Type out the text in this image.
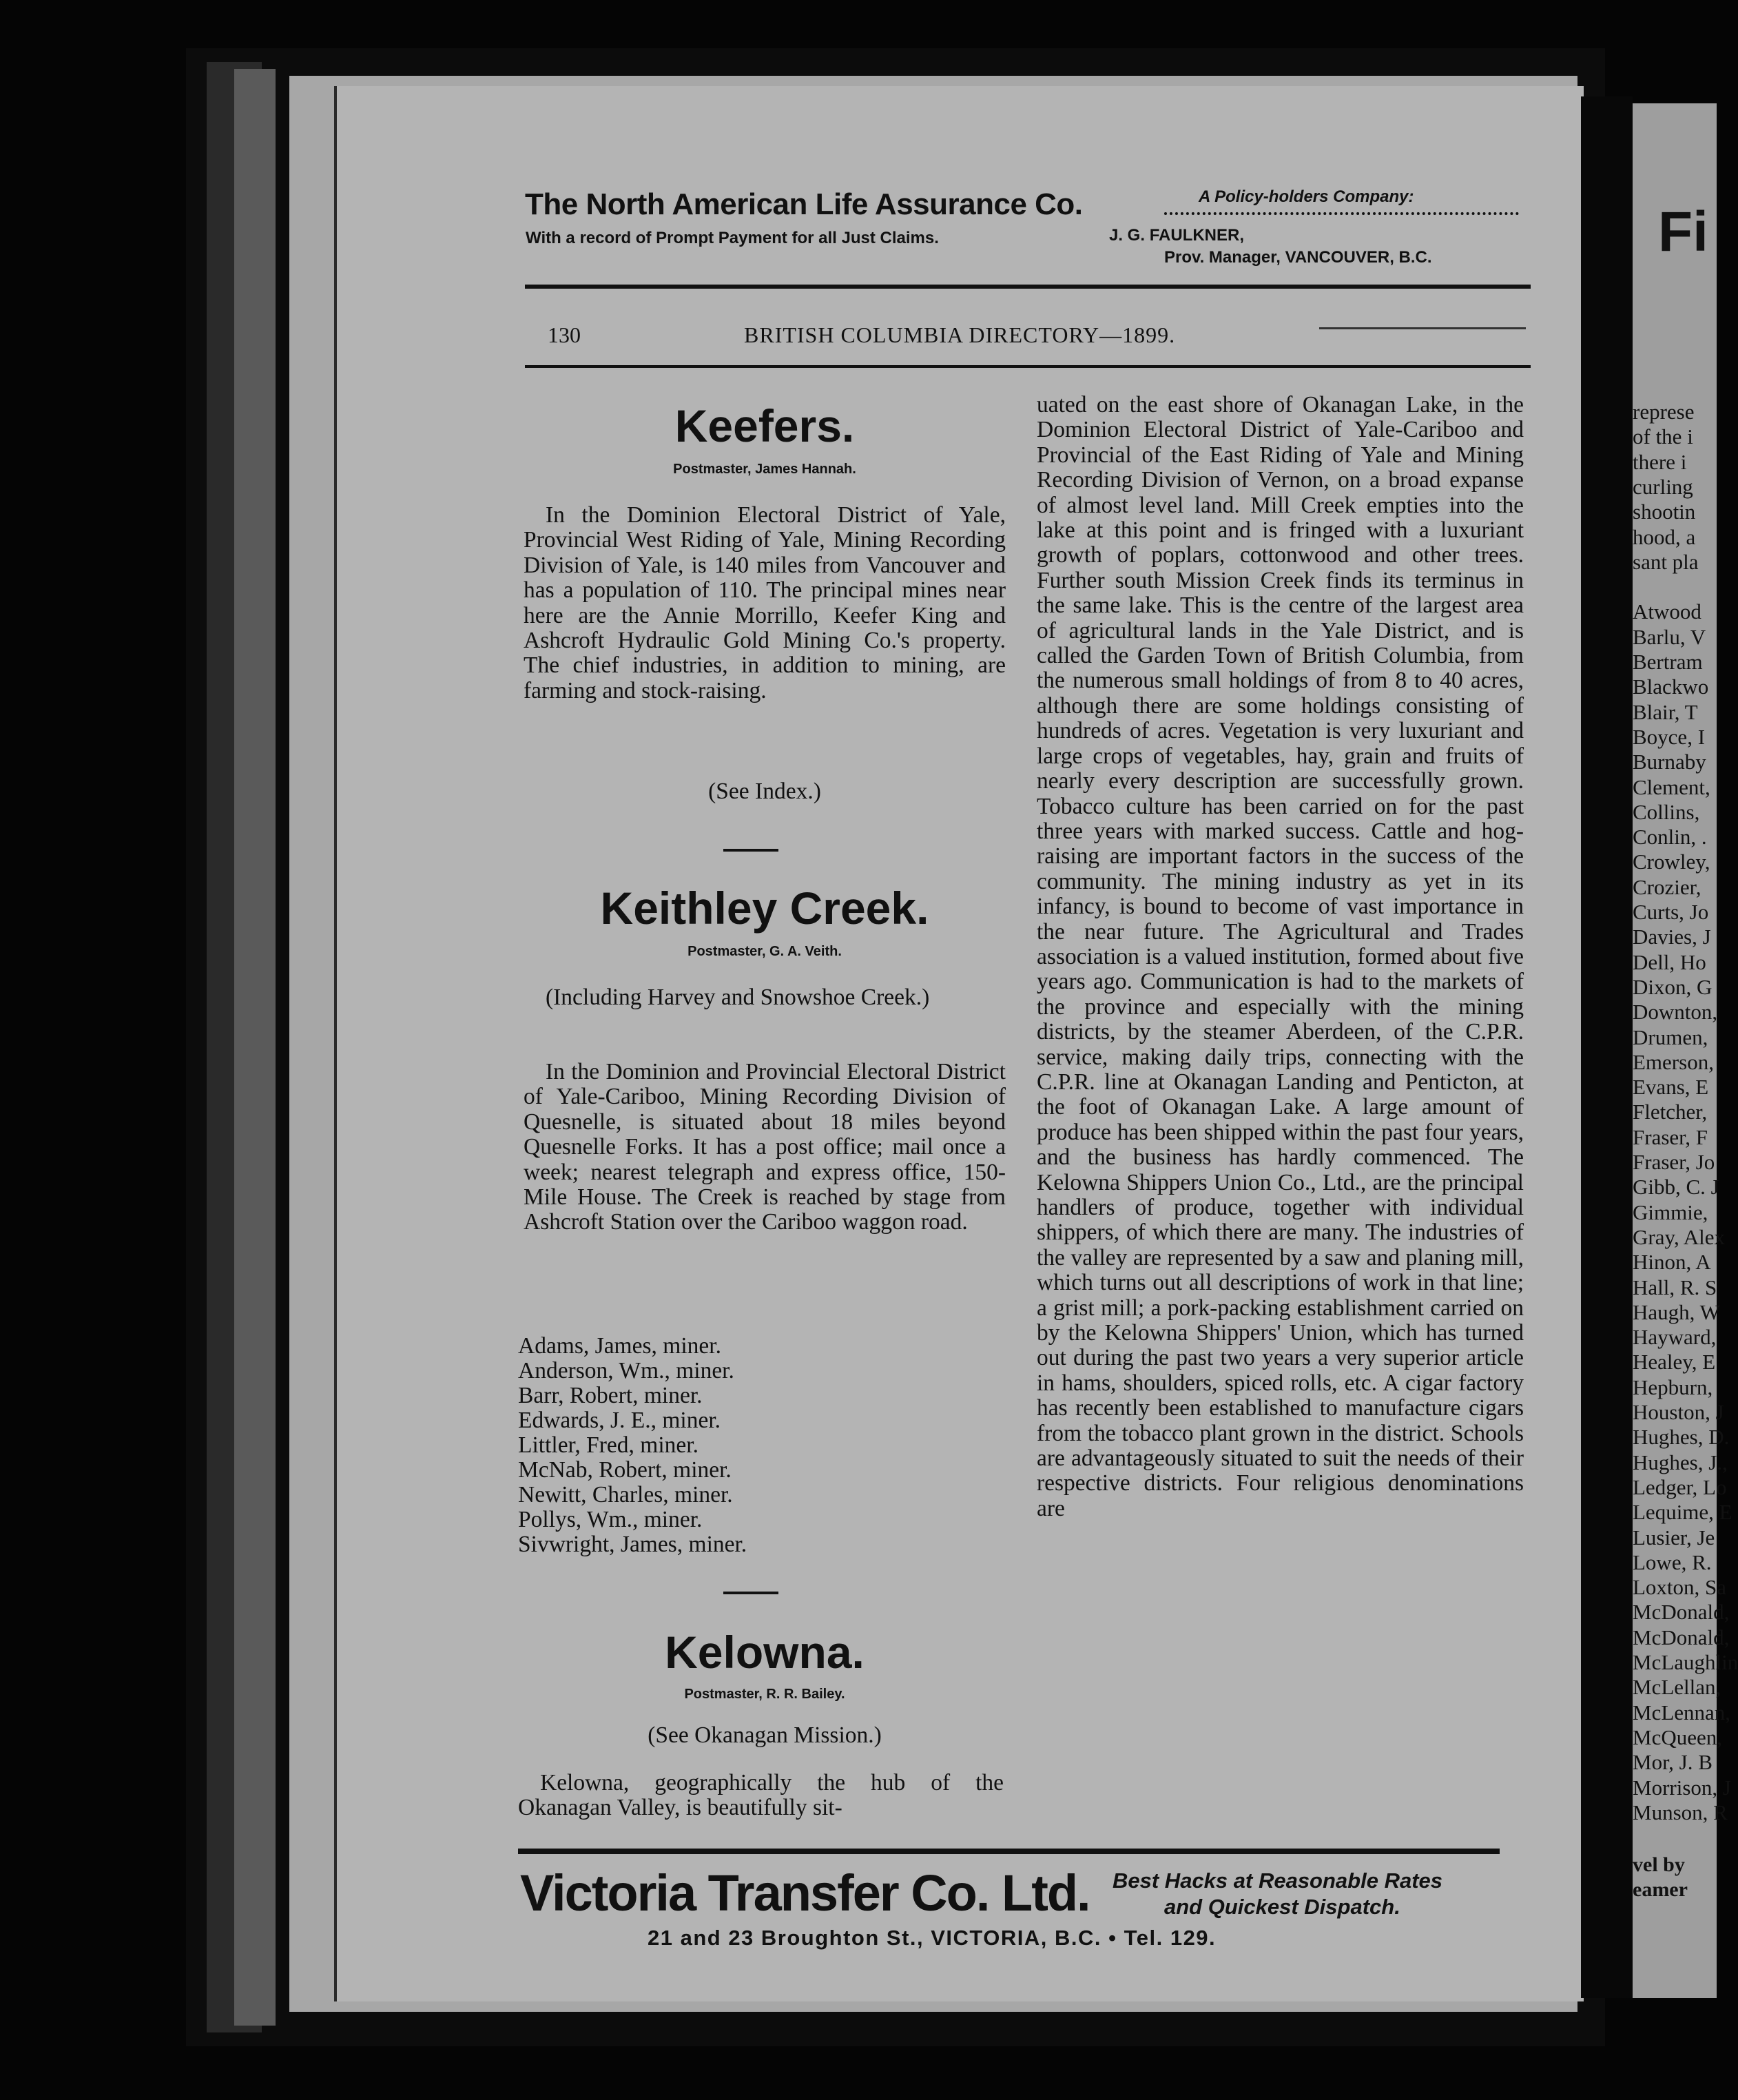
The North American Life Assurance Co.
With a record of Prompt Payment for all Just Claims.
A Policy-holders Company:
J. G. FAULKNER,
Prov. Manager, VANCOUVER, B.C.
130	BRITISH COLUMBIA DIRECTORY—1899.
Keefers.
Postmaster, James Hannah.
In the Dominion Electoral District of Yale, Provincial West Riding of Yale, Mining Recording Division of Yale, is 140 miles from Vancouver and has a population of 110. The principal mines near here are the Annie Morrillo, Keefer King and Ashcroft Hydraulic Gold Mining Co.'s property. The chief industries, in addition to mining, are farming and stock-raising.
(See Index.)
Keithley Creek.
Postmaster, G. A. Veith.
(Including Harvey and Snowshoe Creek.)
In the Dominion and Provincial Electoral District of Yale-Cariboo, Mining Recording Division of Quesnelle, is situated about 18 miles beyond Quesnelle Forks. It has a post office; mail once a week; nearest telegraph and express office, 150-Mile House. The Creek is reached by stage from Ashcroft Station over the Cariboo waggon road.
Adams, James, miner.
Anderson, Wm., miner.
Barr, Robert, miner.
Edwards, J. E., miner.
Littler, Fred, miner.
McNab, Robert, miner.
Newitt, Charles, miner.
Pollys, Wm., miner.
Sivwright, James, miner.
Kelowna.
Postmaster, R. R. Bailey.
(See Okanagan Mission.)
Kelowna, geographically the hub of the Okanagan Valley, is beautifully sit-
uated on the east shore of Okanagan Lake, in the Dominion Electoral District of Yale-Cariboo and Provincial of the East Riding of Yale and Mining Recording Division of Vernon, on a broad expanse of almost level land. Mill Creek empties into the lake at this point and is fringed with a luxuriant growth of poplars, cottonwood and other trees. Further south Mission Creek finds its terminus in the same lake. This is the centre of the largest area of agricultural lands in the Yale District, and is called the Garden Town of British Columbia, from the numerous small holdings of from 8 to 40 acres, although there are some holdings consisting of hundreds of acres. Vegetation is very luxuriant and large crops of vegetables, hay, grain and fruits of nearly every description are successfully grown. Tobacco culture has been carried on for the past three years with marked success. Cattle and hog-raising are important factors in the success of the community. The mining industry as yet in its infancy, is bound to become of vast importance in the near future. The Agricultural and Trades association is a valued institution, formed about five years ago. Communication is had to the markets of the province and especially with the mining districts, by the steamer Aberdeen, of the C.P.R. service, making daily trips, connecting with the C.P.R. line at Okanagan Landing and Penticton, at the foot of Okanagan Lake. A large amount of produce has been shipped within the past four years, and the business has hardly commenced. The Kelowna Shippers Union Co., Ltd., are the principal handlers of produce, together with individual shippers, of which there are many. The industries of the valley are represented by a saw and planing mill, which turns out all descriptions of work in that line; a grist mill; a pork-packing establishment carried on by the Kelowna Shippers' Union, which has turned out during the past two years a very superior article in hams, shoulders, spiced rolls, etc. A cigar factory has recently been established to manufacture cigars from the tobacco plant grown in the district. Schools are advantageously situated to suit the needs of their respective districts. Four religious denominations are
Victoria Transfer Co. Ltd. Best Hacks at Reasonable Rates
and Quickest Dispatch.
21 and 23 Broughton St., VICTORIA, B.C. • Tel. 129.
Fi
represe
of the i
there i
curling
shootin
hood, a
sant pla
Atwood
Barlu, V
Bertram
Blackwo
Blair, T
Boyce, I
Burnaby
Clement,
Collins,
Conlin, .
Crowley,
Crozier,
Curts, Jo
Davies, J
Dell, Ho
Dixon, G
Downton,
Drumen,
Emerson,
Evans, E
Fletcher,
Fraser, F
Fraser, Jo
Gibb, C. J
Gimmie,
Gray, Alex
Hinon, A
Hall, R. S
Haugh, W
Hayward,
Healey, E
Hepburn,
Houston, J
Hughes, D.
Hughes, J.,
Ledger, Lo
Lequime, E
Lusier, Je
Lowe, R.
Loxton, Sa
McDonald,
McDonald,
McLaughlin
McLellan,
McLennan,
McQueen,
Mor, J. B
Morrison, J
Munson, R
vel by
eamer
